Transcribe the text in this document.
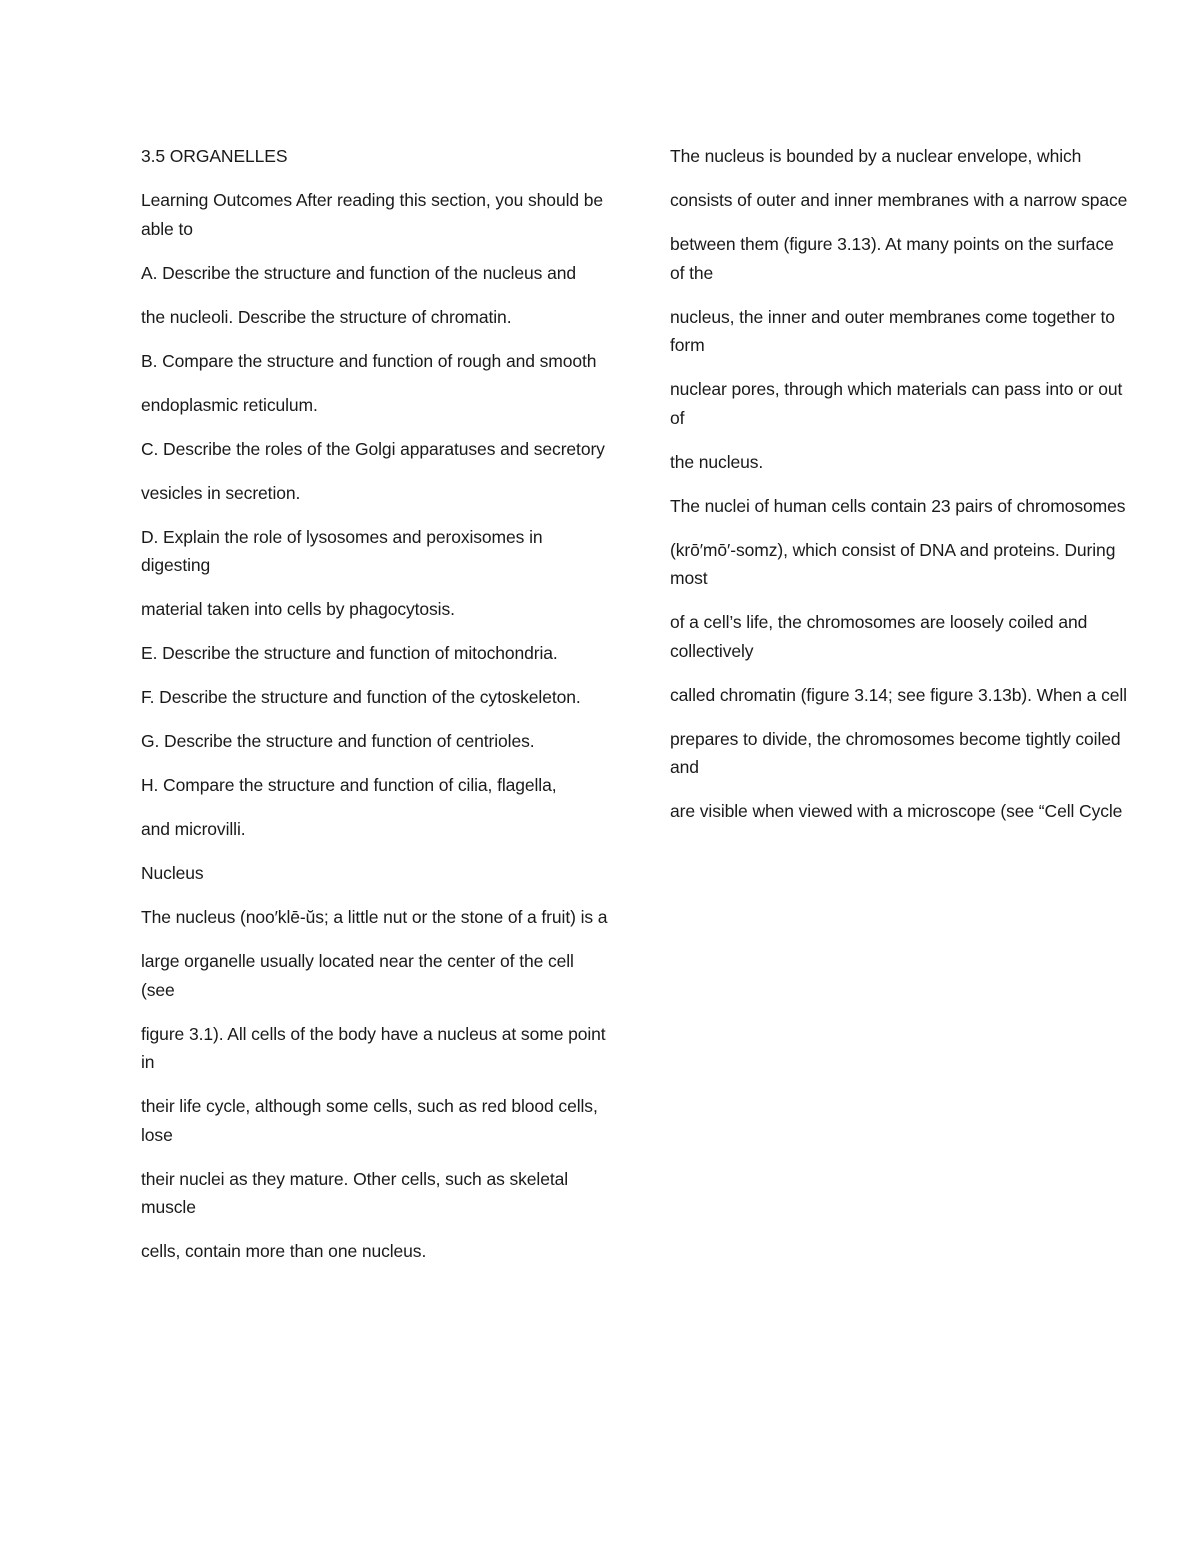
3.5 ORGANELLES

Learning Outcomes After reading this section, you should be able to

A. Describe the structure and function of the nucleus and

the nucleoli. Describe the structure of chromatin.

B. Compare the structure and function of rough and smooth

endoplasmic reticulum.

C. Describe the roles of the Golgi apparatuses and secretory

vesicles in secretion.

D. Explain the role of lysosomes and peroxisomes in digesting

material taken into cells by phagocytosis.

E. Describe the structure and function of mitochondria.

F. Describe the structure and function of the cytoskeleton.

G. Describe the structure and function of centrioles.

H. Compare the structure and function of cilia, flagella,

and microvilli.

Nucleus

The nucleus (noo′klē-ŭs; a little nut or the stone of a fruit) is a

large organelle usually located near the center of the cell (see

figure 3.1). All cells of the body have a nucleus at some point in

their life cycle, although some cells, such as red blood cells, lose

their nuclei as they mature. Other cells, such as skeletal muscle

cells, contain more than one nucleus.

The nucleus is bounded by a nuclear envelope, which

consists of outer and inner membranes with a narrow space

between them (figure 3.13). At many points on the surface of the

nucleus, the inner and outer membranes come together to form

nuclear pores, through which materials can pass into or out of

the nucleus.

The nuclei of human cells contain 23 pairs of chromosomes

(krō′mō′-somz), which consist of DNA and proteins. During most

of a cell’s life, the chromosomes are loosely coiled and collectively

called chromatin (figure 3.14; see figure 3.13b). When a cell

prepares to divide, the chromosomes become tightly coiled and

are visible when viewed with a microscope (see “Cell Cycle
